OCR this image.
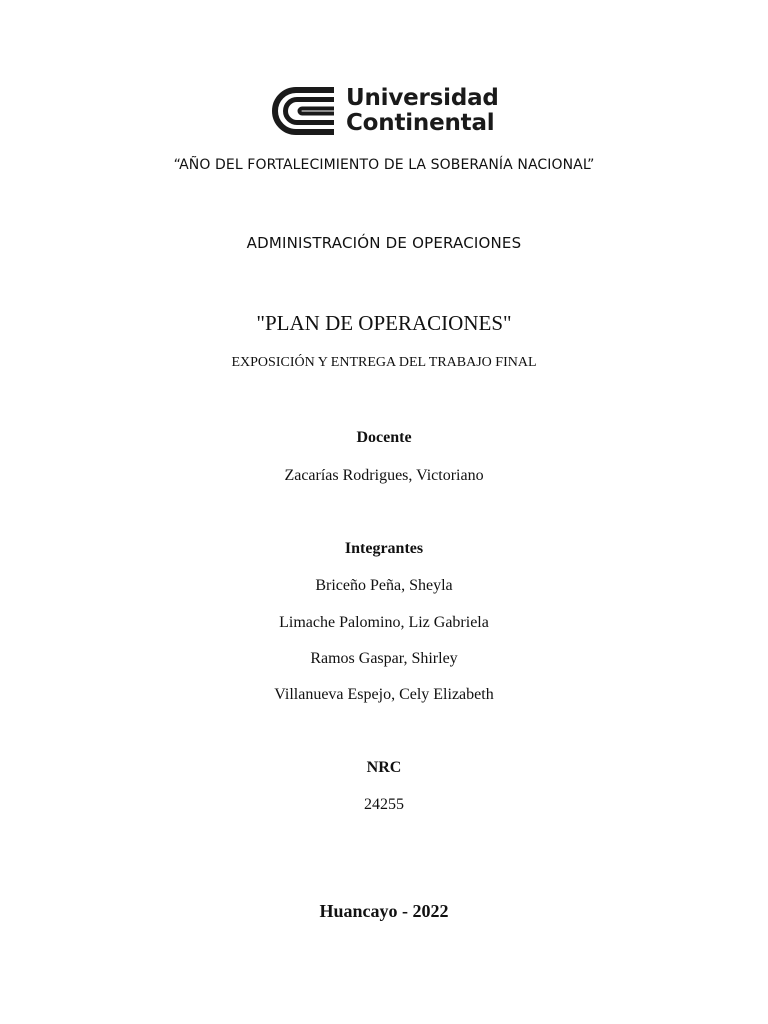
Universidad
Continental
“AÑO DEL FORTALECIMIENTO DE LA SOBERANÍA NACIONAL”
ADMINISTRACIÓN DE OPERACIONES
"PLAN DE OPERACIONES"
EXPOSICIÓN Y ENTREGA DEL TRABAJO FINAL
Docente
Zacarías Rodrigues, Victoriano
Integrantes
Briceño Peña, Sheyla
Limache Palomino, Liz Gabriela
Ramos Gaspar, Shirley
Villanueva Espejo, Cely Elizabeth
NRC
24255
Huancayo - 2022
